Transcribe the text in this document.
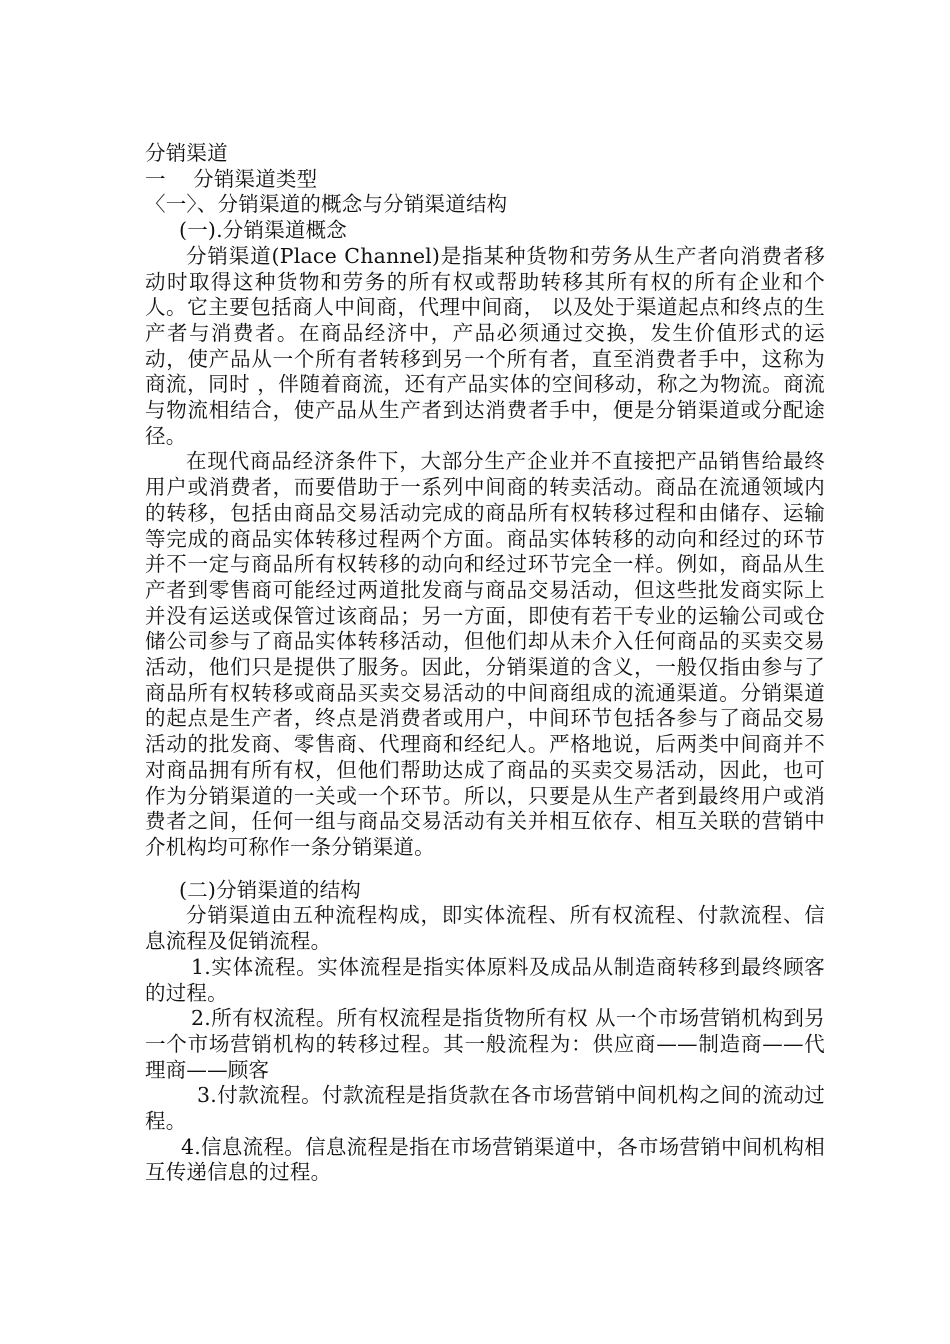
分销渠道

一　 分销渠道类型

〈一〉、分销渠道的概念与分销渠道结构

(一).分销渠道概念

分销渠道(Place Channel)是指某种货物和劳务从生产者向消费者移动时取得这种货物和劳务的所有权或帮助转移其所有权的所有企业和个人。它主要包括商人中间商，代理中间商， 以及处于渠道起点和终点的生产者与消费者。在商品经济中，产品必须通过交换，发生价值形式的运动，使产品从一个所有者转移到另一个所有者，直至消费者手中，这称为商流，同时 ，伴随着商流，还有产品实体的空间移动，称之为物流。商流与物流相结合，使产品从生产者到达消费者手中，便是分销渠道或分配途径。

在现代商品经济条件下，大部分生产企业并不直接把产品销售给最终用户或消费者，而要借助于一系列中间商的转卖活动。商品在流通领域内的转移，包括由商品交易活动完成的商品所有权转移过程和由储存、运输等完成的商品实体转移过程两个方面。商品实体转移的动向和经过的环节并不一定与商品所有权转移的动向和经过环节完全一样。例如，商品从生产者到零售商可能经过两道批发商与商品交易活动，但这些批发商实际上并没有运送或保管过该商品；另一方面，即使有若干专业的运输公司或仓储公司参与了商品实体转移活动，但他们却从未介入任何商品的买卖交易活动，他们只是提供了服务。因此，分销渠道的含义，一般仅指由参与了商品所有权转移或商品买卖交易活动的中间商组成的流通渠道。分销渠道的起点是生产者，终点是消费者或用户，中间环节包括各参与了商品交易活动的批发商、零售商、代理商和经纪人。严格地说，后两类中间商并不对商品拥有所有权，但他们帮助达成了商品的买卖交易活动，因此，也可作为分销渠道的一关或一个环节。所以，只要是从生产者到最终用户或消费者之间，任何一组与商品交易活动有关并相互依存、相互关联的营销中介机构均可称作一条分销渠道。

(二)分销渠道的结构

分销渠道由五种流程构成，即实体流程、所有权流程、付款流程、信息流程及促销流程。

1.实体流程。实体流程是指实体原料及成品从制造商转移到最终顾客的过程。

2.所有权流程。所有权流程是指货物所有权 从一个市场营销机构到另一个市场营销机构的转移过程。其一般流程为：供应商——制造商——代理商——顾客

3.付款流程。付款流程是指货款在各市场营销中间机构之间的流动过程。

4.信息流程。信息流程是指在市场营销渠道中，各市场营销中间机构相互传递信息的过程。
